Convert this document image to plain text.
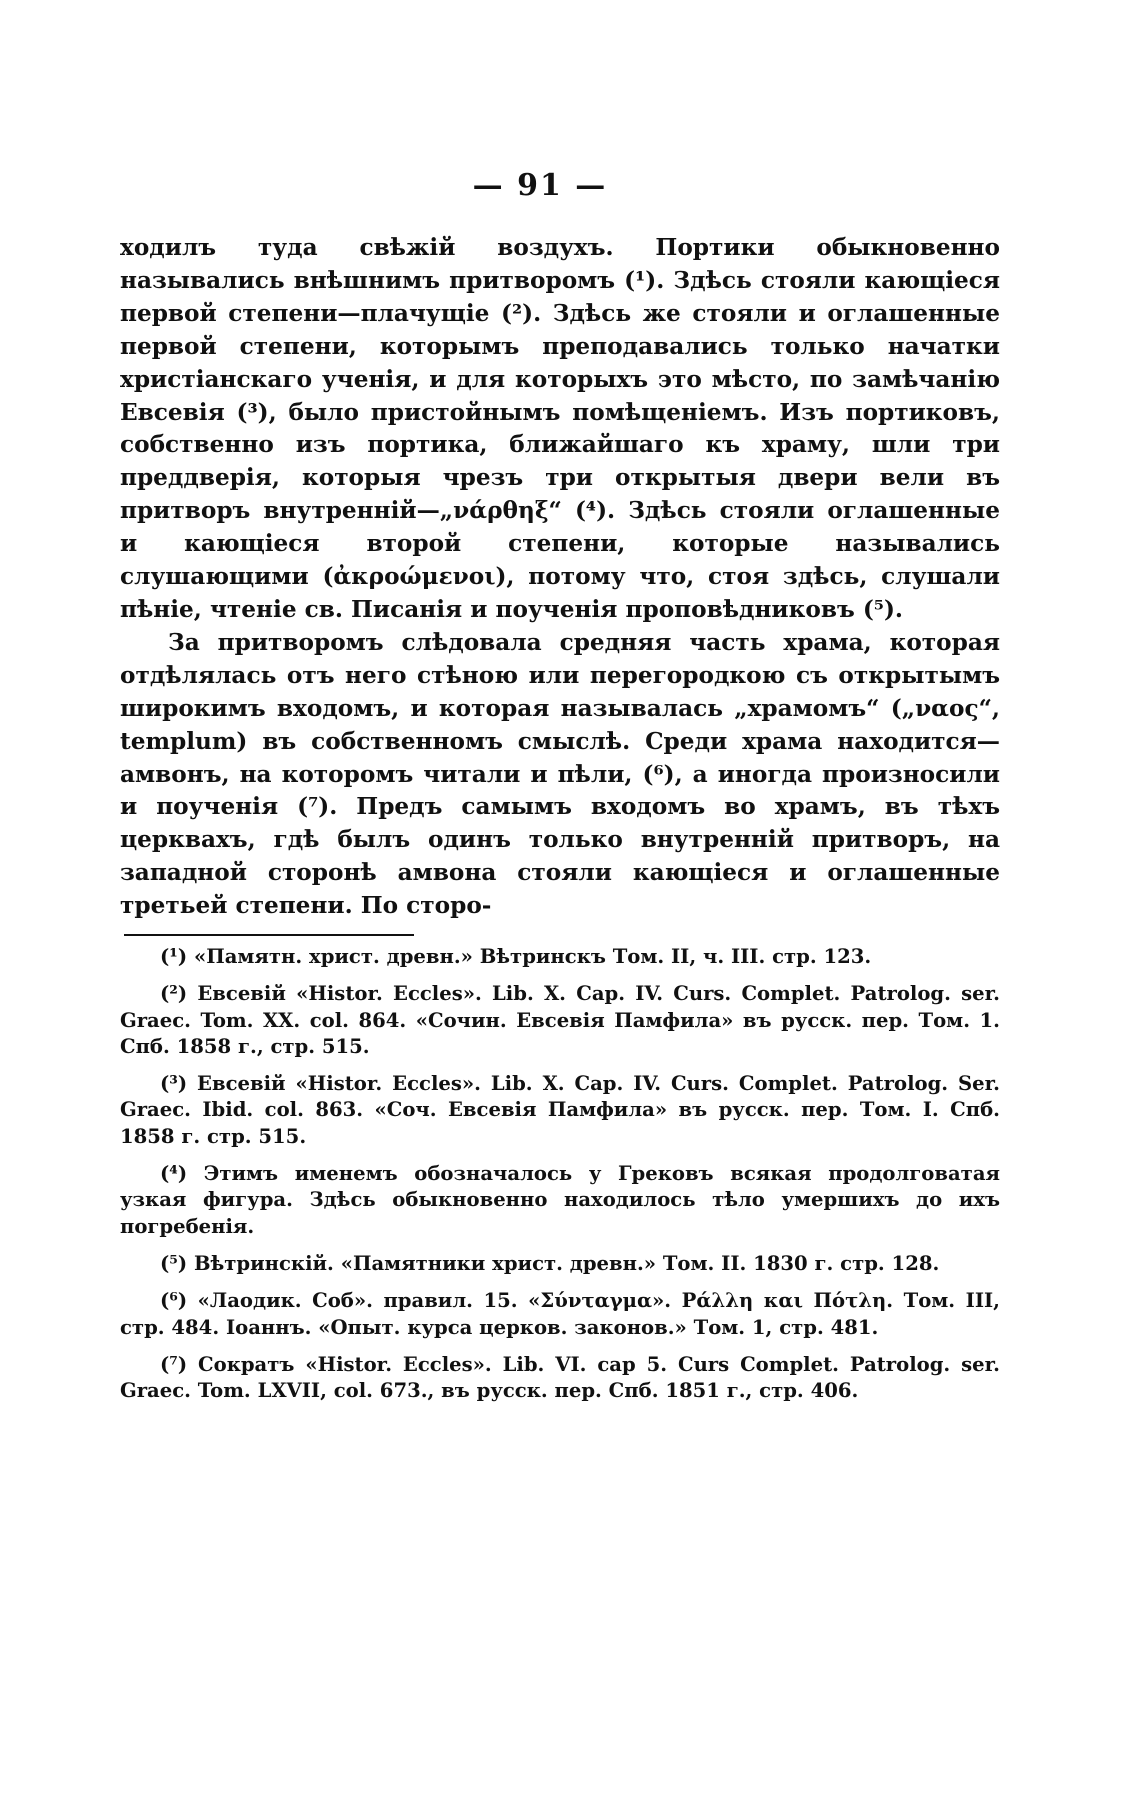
— 91 —

ходилъ туда свѣжій воздухъ. Портики обыкновенно назывались внѣшнимъ притворомъ (¹). Здѣсь стояли кающіеся первой степени—плачущіе (²). Здѣсь же стояли и оглашенные первой степени, которымъ преподавались только начатки христіанскаго ученія, и для которыхъ это мѣсто, по замѣчанію Евсевія (³), было пристойнымъ помѣщеніемъ. Изъ портиковъ, собственно изъ портика, ближайшаго къ храму, шли три преддверія, которыя чрезъ три открытыя двери вели въ притворъ внутренній—„νάρθηξ“ (⁴). Здѣсь стояли оглашенные и кающіеся второй степени, которые назывались слушающими (ἀκροώμενοι), потому что, стоя здѣсь, слушали пѣніе, чтеніе св. Писанія и поученія проповѣдниковъ (⁵).

За притворомъ слѣдовала средняя часть храма, которая отдѣлялась отъ него стѣною или перегородкою съ открытымъ широкимъ входомъ, и которая называлась „храмомъ“ („ναος“, templum) въ собственномъ смыслѣ. Среди храма находится—амвонъ, на которомъ читали и пѣли, (⁶), а иногда произносили и поученія (⁷). Предъ самымъ входомъ во храмъ, въ тѣхъ церквахъ, гдѣ былъ одинъ только внутренній притворъ, на западной сторонѣ амвона стояли кающіеся и оглашенные третьей степени. По сторо-

(¹) «Памятн. христ. древн.» Вѣтринскъ Том. II, ч. III. стр. 123.

(²) Евсевій «Histor. Eccles». Lib. X. Cap. IV. Curs. Complet. Patrolog. ser. Graec. Tom. XX. col. 864. «Сочин. Евсевія Памфила» въ русск. пер. Том. 1. Спб. 1858 г., стр. 515.

(³) Евсевій «Histor. Eccles». Lib. X. Cap. IV. Curs. Complet. Patrolog. Ser. Graec. Ibid. col. 863. «Соч. Евсевія Памфила» въ русск. пер. Том. I. Спб. 1858 г. стр. 515.

(⁴) Этимъ именемъ обозначалось у Грековъ всякая продолговатая узкая фигура. Здѣсь обыкновенно находилось тѣло умершихъ до ихъ погребенія.

(⁵) Вѣтринскій. «Памятники христ. древн.» Том. II. 1830 г. стр. 128.

(⁶) «Лаодик. Соб». правил. 15. «Σύνταγμα». Ράλλη και Πότλη. Том. III, стр. 484. Іоаннъ. «Опыт. курса церков. законов.» Том. 1, стр. 481.

(⁷) Сократъ «Histor. Eccles». Lib. VI. cap 5. Curs Complet. Patrolog. ser. Graec. Tom. LXVII, col. 673., въ русск. пер. Спб. 1851 г., стр. 406.
